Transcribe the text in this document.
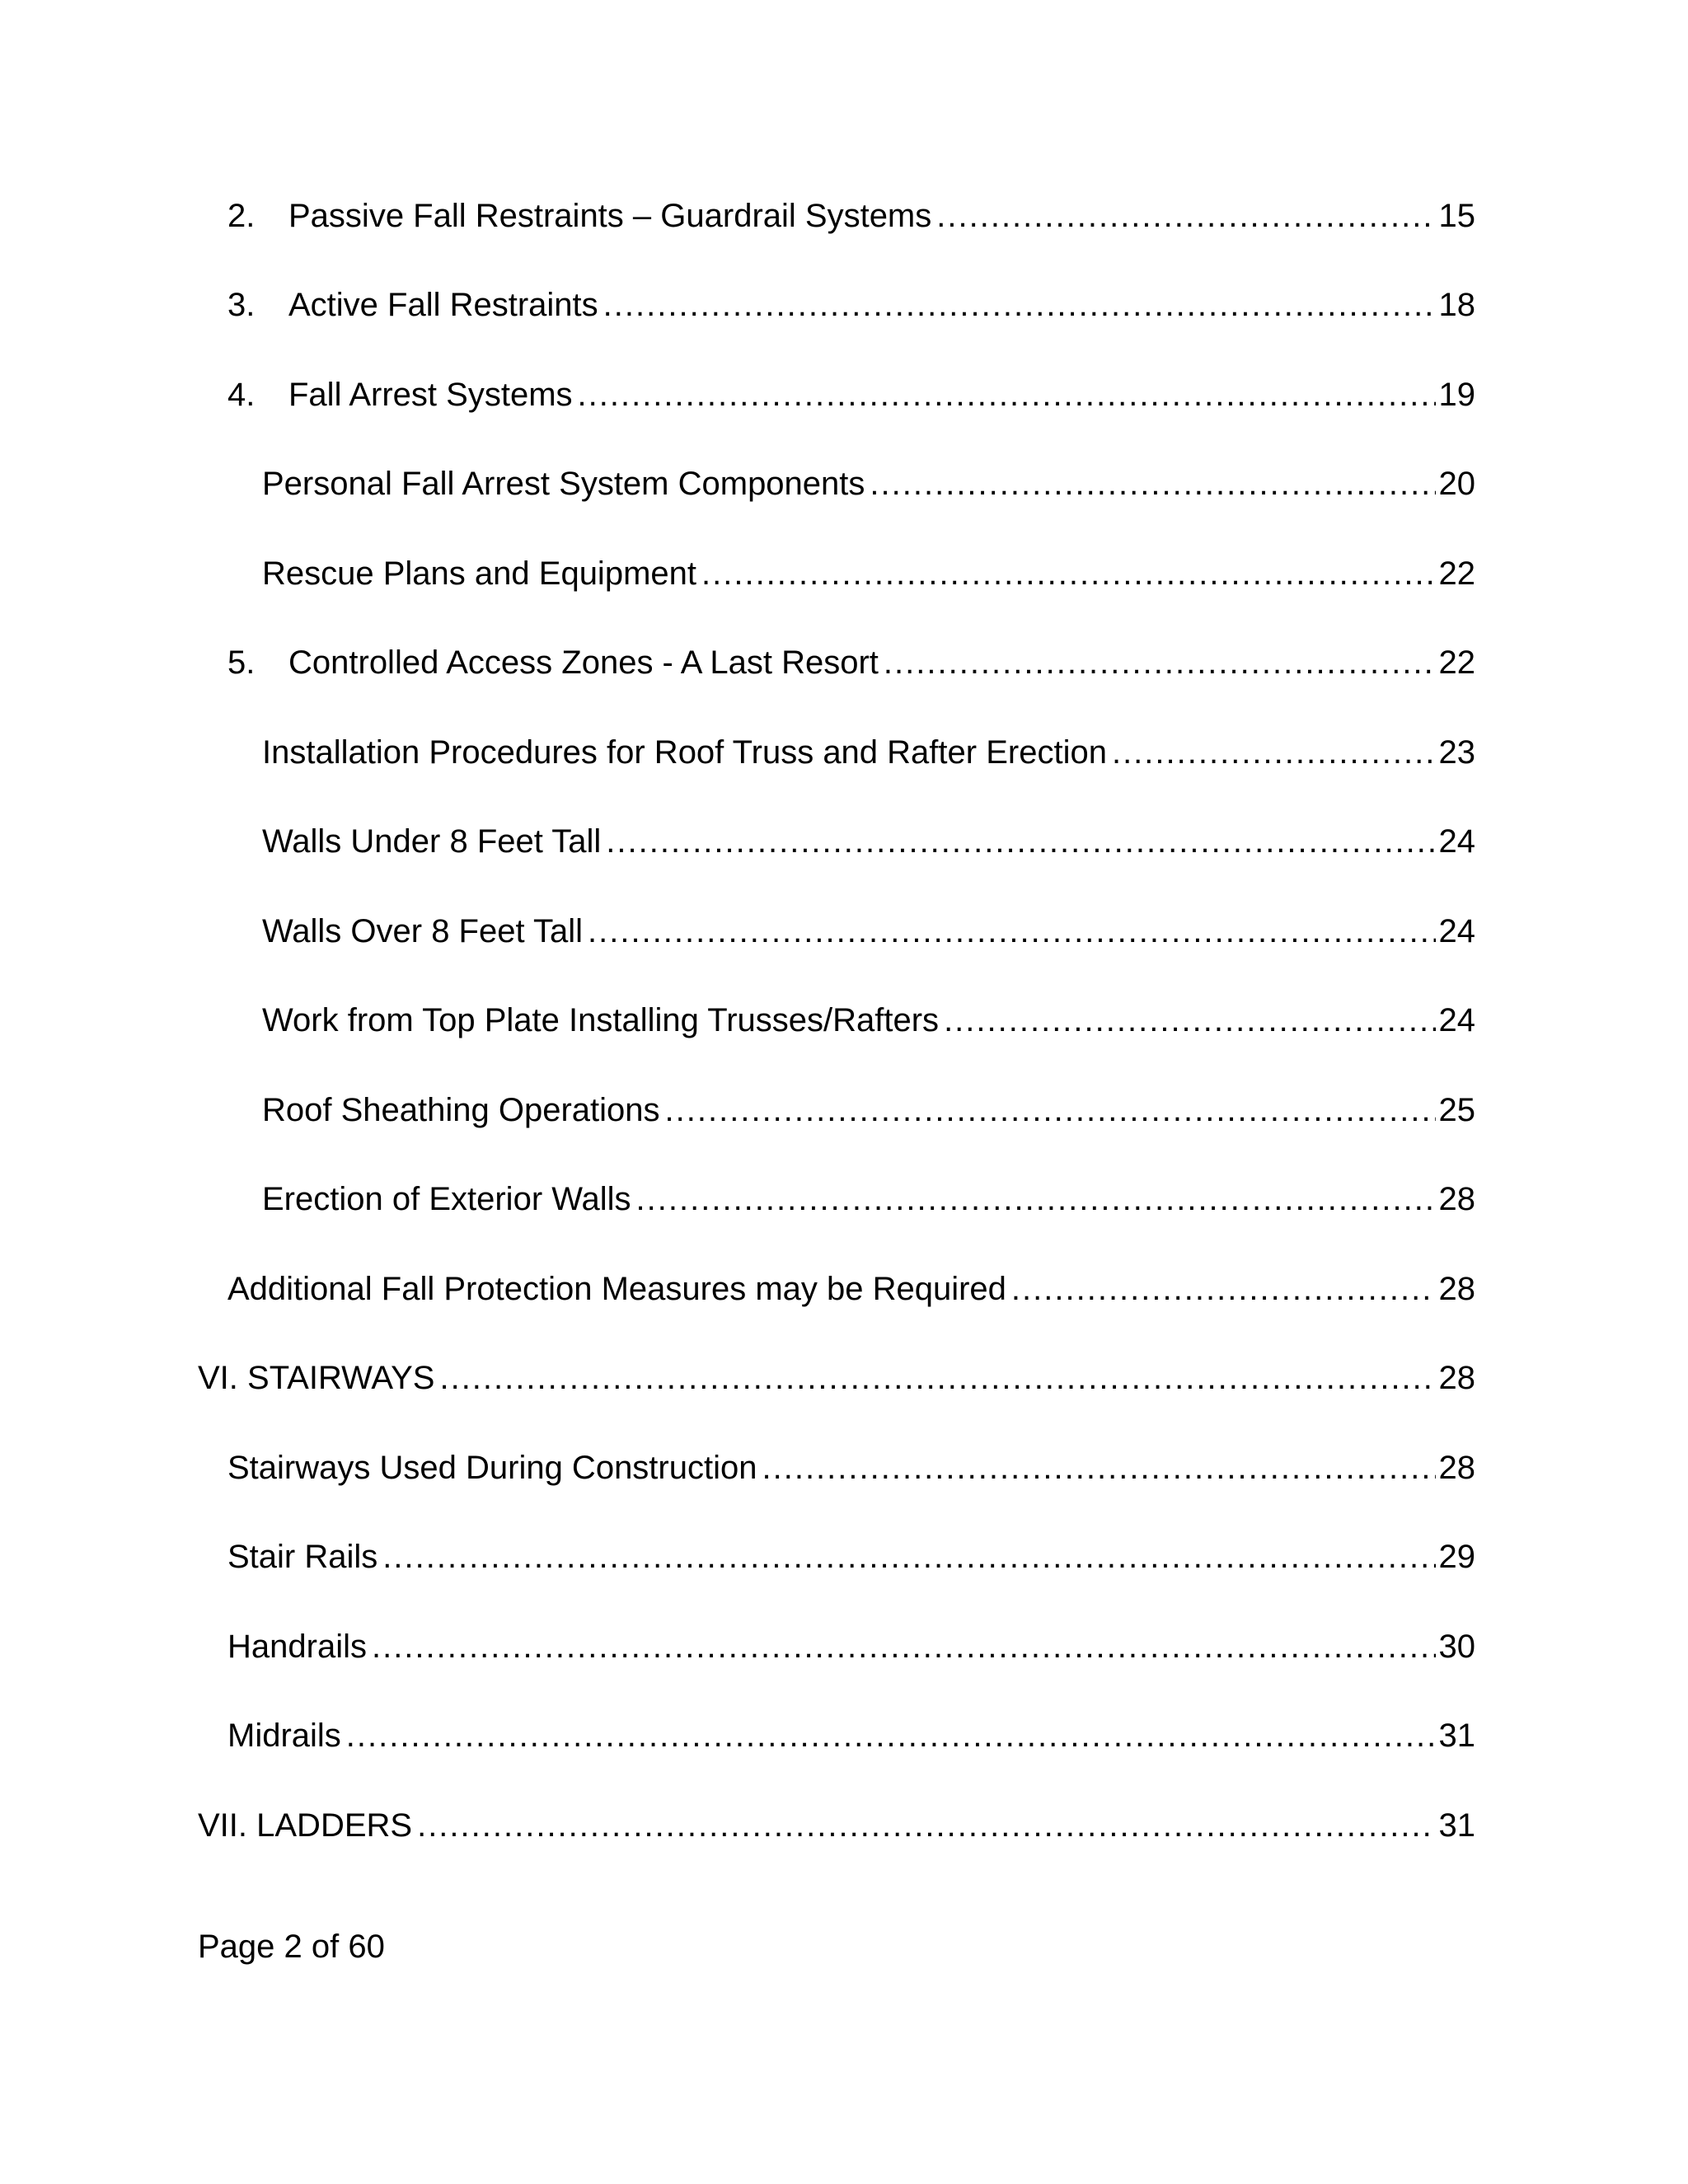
2.	Passive Fall Restraints – Guardrail Systems .....	15
3.	Active Fall Restraints .....	18
4.	Fall Arrest Systems .....	19
Personal Fall Arrest System Components .....	20
Rescue Plans and Equipment .....	22
5.	Controlled Access Zones - A Last Resort .....	22
Installation Procedures for Roof Truss and Rafter Erection .....	23
Walls Under 8 Feet Tall .....	24
Walls Over 8 Feet Tall .....	24
Work from Top Plate Installing Trusses/Rafters .....	24
Roof Sheathing Operations .....	25
Erection of Exterior Walls .....	28
Additional Fall Protection Measures may be Required .....	28
VI. STAIRWAYS .....	28
Stairways Used During Construction .....	28
Stair Rails .....	29
Handrails .....	30
Midrails .....	31
VII. LADDERS .....	31
Page 2 of 60
